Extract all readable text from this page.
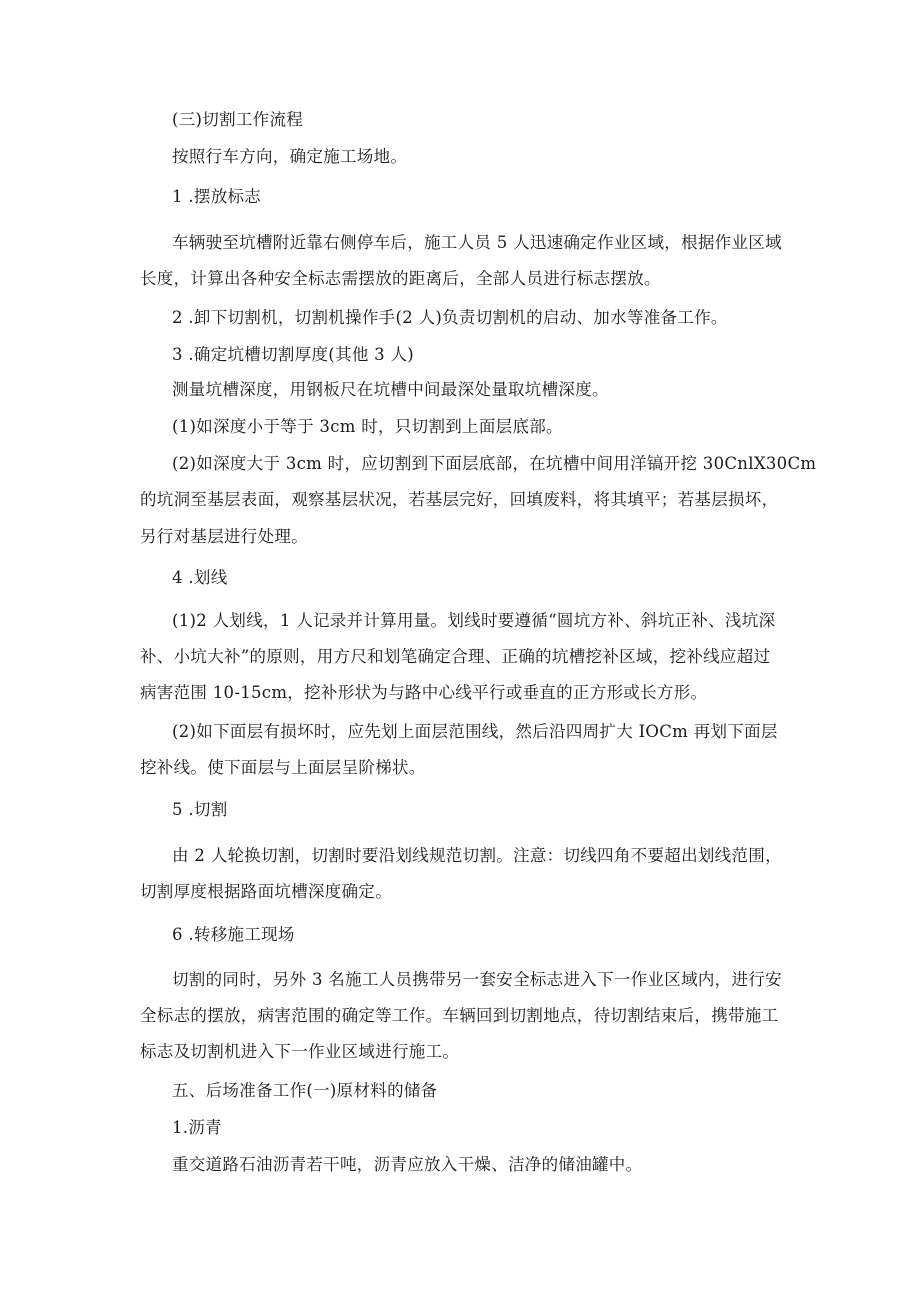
(三)切割工作流程
按照行车方向，确定施工场地。
1 .摆放标志
车辆驶至坑槽附近靠右侧停车后，施工人员 5 人迅速确定作业区域，根据作业区域
长度，计算出各种安全标志需摆放的距离后，全部人员进行标志摆放。
2 .卸下切割机，切割机操作手(2 人)负责切割机的启动、加水等准备工作。
3 .确定坑槽切割厚度(其他 3 人)
测量坑槽深度，用钢板尺在坑槽中间最深处量取坑槽深度。
(1)如深度小于等于 3cm 时，只切割到上面层底部。
(2)如深度大于 3cm 时，应切割到下面层底部，在坑槽中间用洋镐开挖 30CnlX30Cm
的坑洞至基层表面，观察基层状况，若基层完好，回填废料，将其填平；若基层损坏，
另行对基层进行处理。
4 .划线
(1)2 人划线，1 人记录并计算用量。划线时要遵循“圆坑方补、斜坑正补、浅坑深
补、小坑大补”的原则，用方尺和划笔确定合理、正确的坑槽挖补区域，挖补线应超过
病害范围 10-15cm，挖补形状为与路中心线平行或垂直的正方形或长方形。
(2)如下面层有损坏时，应先划上面层范围线，然后沿四周扩大 IOCm 再划下面层
挖补线。使下面层与上面层呈阶梯状。
5 .切割
由 2 人轮换切割，切割时要沿划线规范切割。注意：切线四角不要超出划线范围，
切割厚度根据路面坑槽深度确定。
6 .转移施工现场
切割的同时，另外 3 名施工人员携带另一套安全标志进入下一作业区域内，进行安
全标志的摆放，病害范围的确定等工作。车辆回到切割地点，待切割结束后，携带施工
标志及切割机进入下一作业区域进行施工。
五、后场准备工作(一)原材料的储备
1.沥青
重交道路石油沥青若干吨，沥青应放入干燥、洁净的储油罐中。
